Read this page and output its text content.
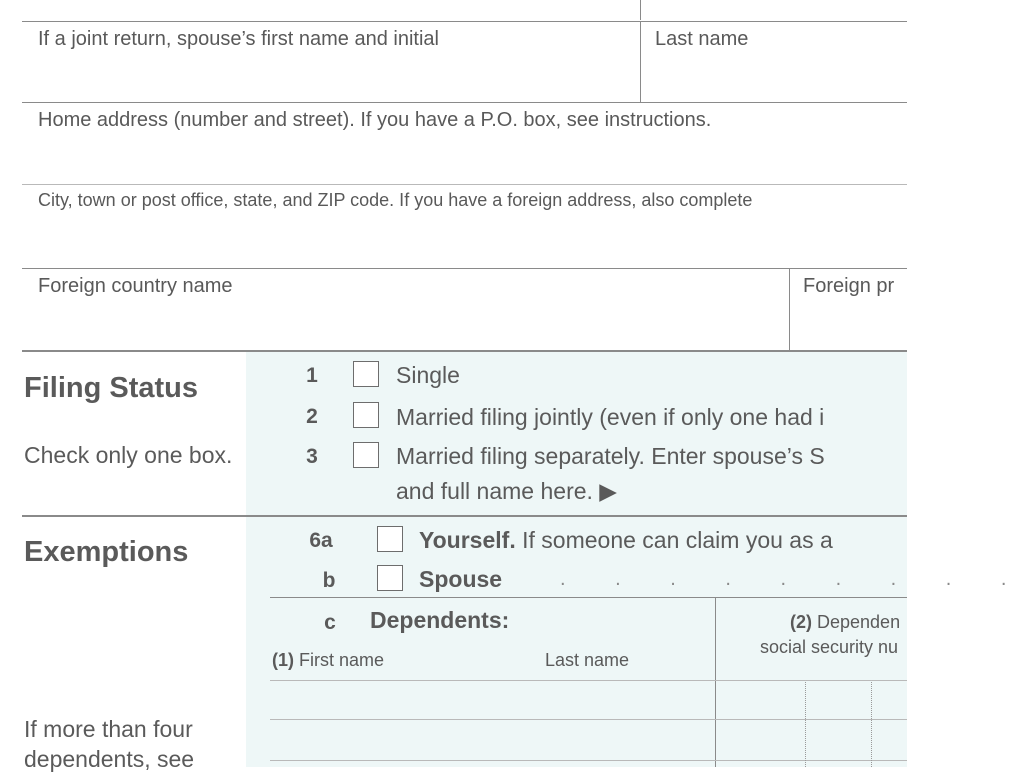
If a joint return, spouse’s first name and initial	Last name
Home address (number and street). If you have a P.O. box, see instructions.
City, town or post office, state, and ZIP code. If you have a foreign address, also complete
Foreign country name	Foreign pr
Filing Status
Check only one box.
1	Single
2	Married filing jointly (even if only one had i
3	Married filing separately. Enter spouse’s S
and full name here. ▶
Exemptions	6a	Yourself. If someone can claim you as a
b	Spouse	. . . . . . . . .
c Dependents:
(1) First name	Last name
(2) Dependen
social security nu
If more than four dependents, see
